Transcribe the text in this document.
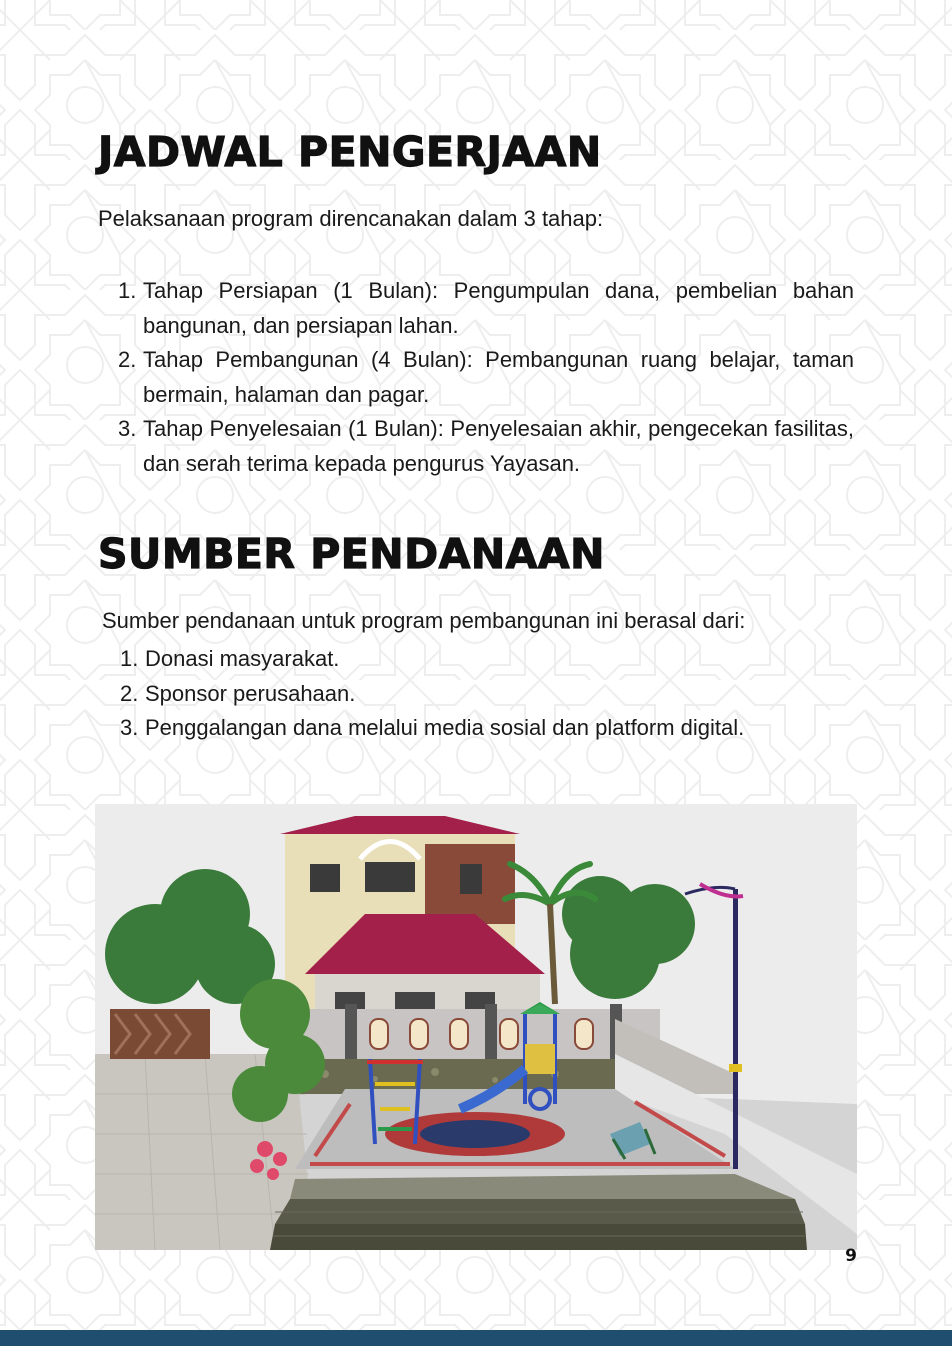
JADWAL PENGERJAAN

Pelaksanaan program direncanakan dalam 3 tahap:

1. Tahap Persiapan (1 Bulan): Pengumpulan dana, pembelian bahan bangunan, dan persiapan lahan.
2. Tahap Pembangunan (4 Bulan): Pembangunan ruang belajar, taman bermain, halaman dan pagar.
3. Tahap Penyelesaian (1 Bulan): Penyelesaian akhir, pengecekan fasilitas, dan serah terima kepada pengurus Yayasan.
SUMBER PENDANAAN

Sumber pendanaan untuk program pembangunan ini berasal dari:

1. Donasi masyarakat.
2. Sponsor perusahaan.
3. Penggalangan dana melalui media sosial dan platform digital.
9
